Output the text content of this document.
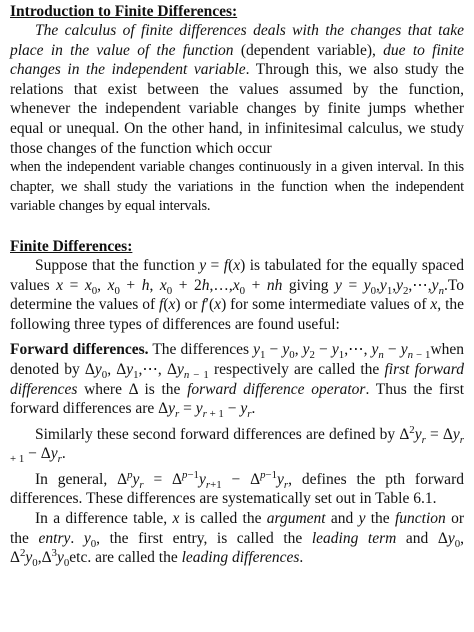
Introduction to Finite Differences:

The calculus of finite differences deals with the changes that take place in the value of the function (dependent variable), due to finite changes in the independent variable. Through this, we also study the relations that exist between the values assumed by the function, whenever the independent variable changes by finite jumps whether equal or unequal. On the other hand, in infinitesimal calculus, we study those changes of the function which occur

when the independent variable changes continuously in a given interval. In this chapter, we shall study the variations in the function when the independent variable changes by equal intervals.

Finite Differences:

Suppose that the function y = f(x) is tabulated for the equally spaced values $x = x_0$, $x_0 + h$, $x_0$ + $2h,\dots,x_0$ + nh giving $y = y_0,y_1,y_2,\cdots,y_n.To$ determine the values of f(x) or f′(x) for some intermediate values of x, the following three types of differences are found useful:

Forward differences. The differences $y_1 - y_0$, $y_2$ − $y_1,\cdots$, $y_n$ − $y_{n - 1}when$ denoted by $\Delta y_0$, $\Delta y_1,\cdots$, $\Delta y_{n - 1}$ respectively are called the first forward differences where Δ is the forward difference operator. Thus the first forward differences are $\Delta y_r = y_{r + 1} - y_r$.

Similarly these second forward differences are defined by $\Delta^2y_r = \Delta y_{r + 1} - \Delta y_r$.

In general, $\Delta^py_r = \Delta^{p-1}y_{r+1} - \Delta^{p-1}y_r$, defines the pth forward differences. These differences are systematically set out in Table 6.1.

In a difference table, x is called the argument and y the function or the entry. $y_0$, the first entry, is called the leading term and $\Delta y_0$, $\Delta^2y_0,\Delta^3y_0etc$. are called the leading differences.
